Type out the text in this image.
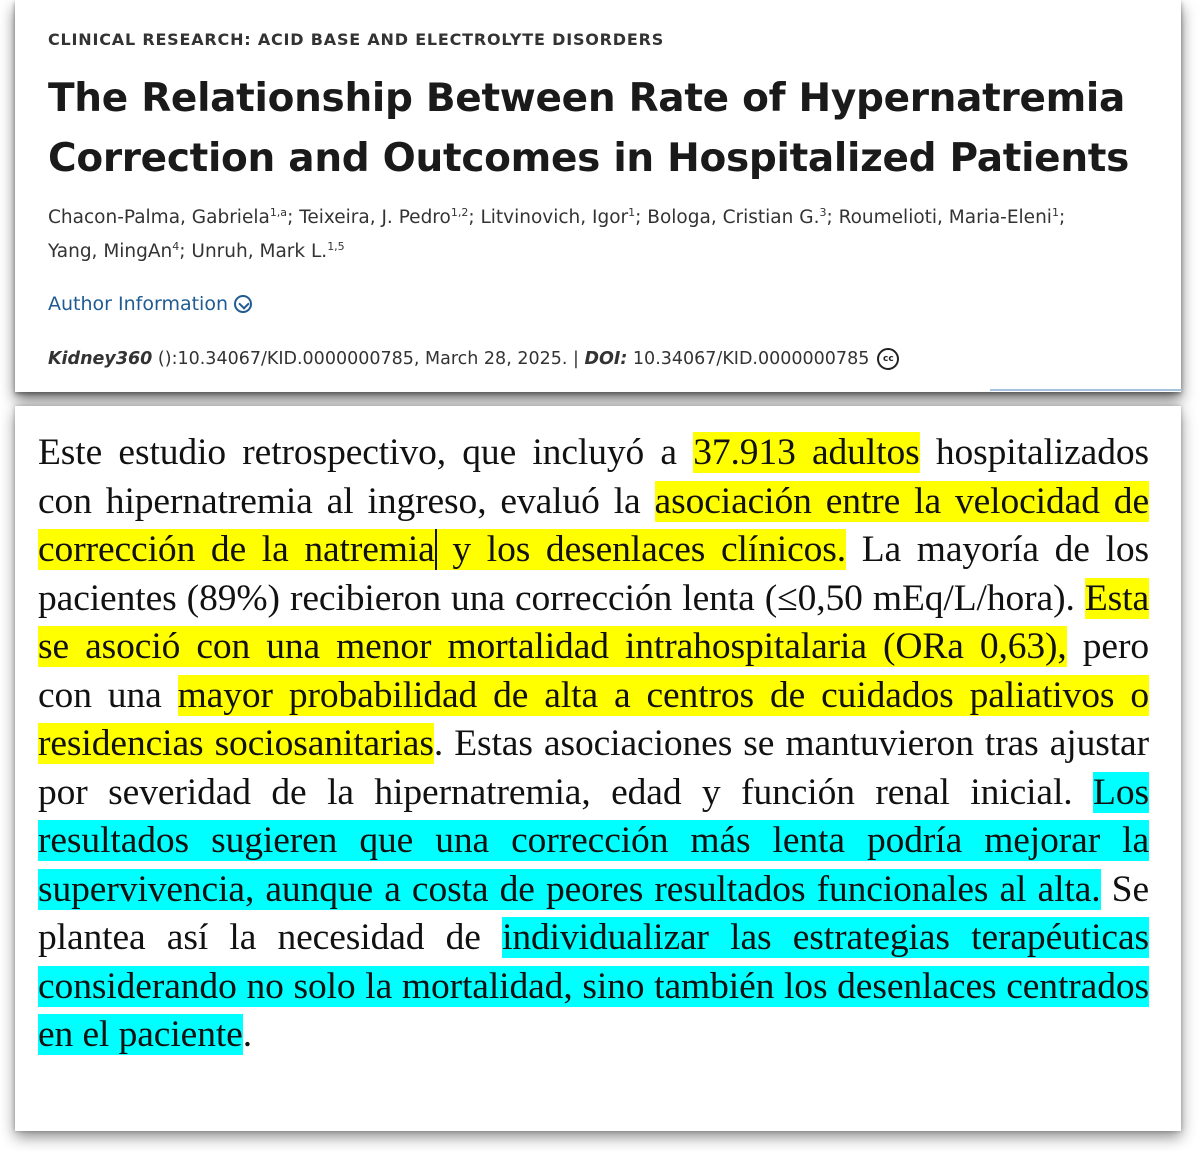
CLINICAL RESEARCH: ACID BASE AND ELECTROLYTE DISORDERS

The Relationship Between Rate of Hypernatremia
Correction and Outcomes in Hospitalized Patients
Chacon-Palma, Gabriela$^{1,a}$; Teixeira, J. Pedro$^{1,2}$; Litvinovich, Igor$^1$; Bologa, Cristian G.$^3$; Roumelioti, Maria-Eleni$^1$;
Yang, MingAn$^4$; Unruh, Mark L.$^{1,5}$
Author Information
Kidney360 ():10.34067/KID.0000000785, March 28, 2025. | DOI: 10.34067/KID.0000000785	cc

Este estudio retrospectivo, que incluyó a 37.913 adultos hospitalizados con hipernatremia al ingreso, evaluó la asociación entre la velocidad de corrección de la natremia y los desenlaces clínicos. La mayoría de los pacientes (89%) recibieron una corrección lenta (≤0,50 mEq/L/hora). Esta se asoció con una menor mortalidad intrahospitalaria (ORa 0,63), pero con una mayor probabilidad de alta a centros de cuidados paliativos o residencias sociosanitarias. Estas asociaciones se mantuvieron tras ajustar por severidad de la hipernatremia, edad y función renal inicial. Los resultados sugieren que una corrección más lenta podría mejorar la supervivencia, aunque a costa de peores resultados funcionales al alta. Se plantea así la necesidad de individualizar las estrategias terapéuticas considerando no solo la mortalidad, sino también los desenlaces centrados en el paciente.
